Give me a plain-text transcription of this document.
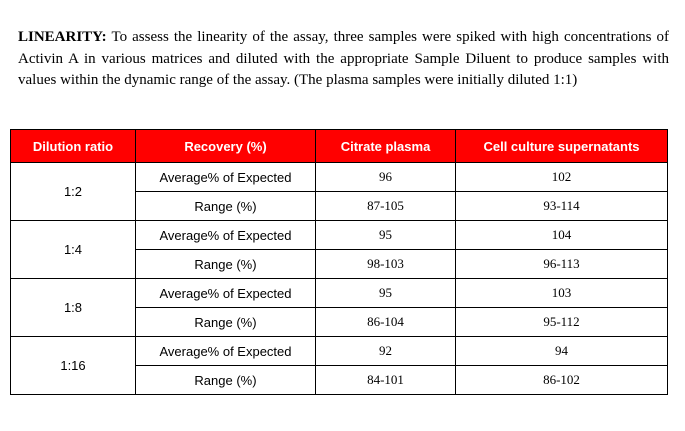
LINEARITY: To assess the linearity of the assay, three samples were spiked with high concentrations of Activin A in various matrices and diluted with the appropriate Sample Diluent to produce samples with values within the dynamic range of the assay. (The plasma samples were initially diluted 1:1)

Dilution ratio	Recovery (%)	Citrate plasma	Cell culture supernatants
1:2	Average% of Expected	96	102
	Range (%)	87-105	93-114
1:4	Average% of Expected	95	104
	Range (%)	98-103	96-113
1:8	Average% of Expected	95	103
	Range (%)	86-104	95-112
1:16	Average% of Expected	92	94
	Range (%)	84-101	86-102
